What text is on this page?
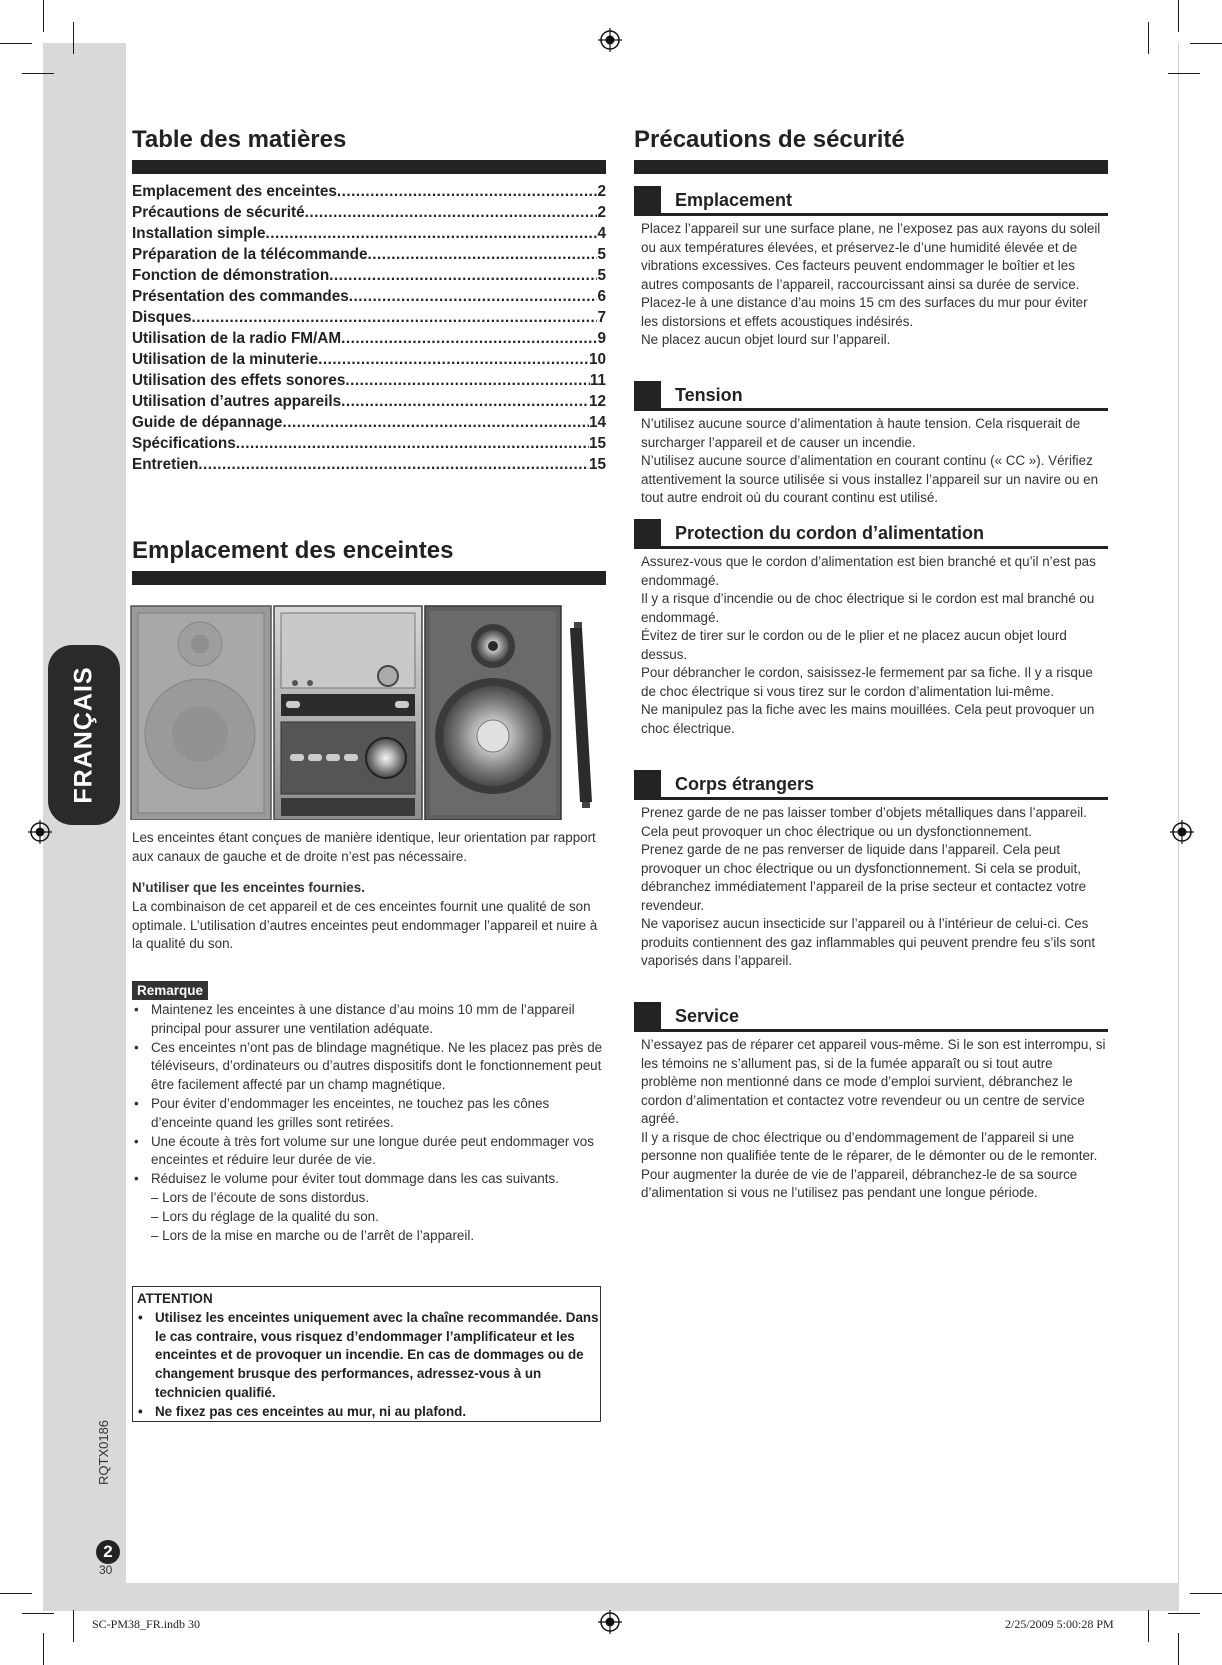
FRANÇAIS
RQTX0186
2
30
Table des matières
Emplacement des enceintes .....	2
Précautions de sécurité .....	2
Installation simple .....	4
Préparation de la télécommande .....	5
Fonction de démonstration .....	5
Présentation des commandes .....	6
Disques .....	7
Utilisation de la radio FM/AM .....	9
Utilisation de la minuterie .....	10
Utilisation des effets sonores .....	11
Utilisation d’autres appareils .....	12
Guide de dépannage .....	14
Spécifications .....	15
Entretien .....	15
Emplacement des enceintes

Les enceintes étant conçues de manière identique, leur orientation par rapport aux canaux de gauche et de droite n’est pas nécessaire.

N’utiliser que les enceintes fournies.

La combinaison de cet appareil et de ces enceintes fournit une qualité de son optimale. L’utilisation d’autres enceintes peut endommager l’appareil et nuire à la qualité du son.

Remarque
• Maintenez les enceintes à une distance d’au moins 10 mm de l’appareil principal pour assurer une ventilation adéquate.
• Ces enceintes n’ont pas de blindage magnétique. Ne les placez pas près de téléviseurs, d’ordinateurs ou d’autres dispositifs dont le fonctionnement peut être facilement affecté par un champ magnétique.
• Pour éviter d’endommager les enceintes, ne touchez pas les cônes d’enceinte quand les grilles sont retirées.
• Une écoute à très fort volume sur une longue durée peut endommager vos enceintes et réduire leur durée de vie.
• Réduisez le volume pour éviter tout dommage dans les cas suivants.
– Lors de l’écoute de sons distordus.
– Lors du réglage de la qualité du son.
– Lors de la mise en marche ou de l’arrêt de l’appareil.
ATTENTION
• Utilisez les enceintes uniquement avec la chaîne recommandée. Dans le cas contraire, vous risquez d’endommager l’amplificateur et les enceintes et de provoquer un incendie. En cas de dommages ou de changement brusque des performances, adressez-vous à un technicien qualifié.
• Ne fixez pas ces enceintes au mur, ni au plafond.
Précautions de sécurité
Emplacement

Placez l’appareil sur une surface plane, ne l’exposez pas aux rayons du soleil ou aux températures élevées, et préservez-le d’une humidité élevée et de vibrations excessives. Ces facteurs peuvent endommager le boîtier et les autres composants de l’appareil, raccourcissant ainsi sa durée de service.
Placez-le à une distance d’au moins 15 cm des surfaces du mur pour éviter les distorsions et effets acoustiques indésirés.
Ne placez aucun objet lourd sur l’appareil.

Tension

N’utilisez aucune source d’alimentation à haute tension. Cela risquerait de surcharger l’appareil et de causer un incendie.
N’utilisez aucune source d’alimentation en courant continu (« CC »). Vérifiez attentivement la source utilisée si vous installez l’appareil sur un navire ou en tout autre endroit où du courant continu est utilisé.

Protection du cordon d’alimentation

Assurez-vous que le cordon d’alimentation est bien branché et qu’il n’est pas endommagé.
Il y a risque d’incendie ou de choc électrique si le cordon est mal branché ou endommagé.
Évitez de tirer sur le cordon ou de le plier et ne placez aucun objet lourd dessus.
Pour débrancher le cordon, saisissez-le fermement par sa fiche. Il y a risque de choc électrique si vous tirez sur le cordon d’alimentation lui-même.
Ne manipulez pas la fiche avec les mains mouillées. Cela peut provoquer un choc électrique.

Corps étrangers

Prenez garde de ne pas laisser tomber d’objets métalliques dans l’appareil. Cela peut provoquer un choc électrique ou un dysfonctionnement.
Prenez garde de ne pas renverser de liquide dans l’appareil. Cela peut provoquer un choc électrique ou un dysfonctionnement. Si cela se produit, débranchez immédiatement l’appareil de la prise secteur et contactez votre revendeur.
Ne vaporisez aucun insecticide sur l’appareil ou à l’intérieur de celui-ci. Ces produits contiennent des gaz inflammables qui peuvent prendre feu s’ils sont vaporisés dans l’appareil.

Service

N’essayez pas de réparer cet appareil vous-même. Si le son est interrompu, si les témoins ne s’allument pas, si de la fumée apparaît ou si tout autre problème non mentionné dans ce mode d’emploi survient, débranchez le cordon d’alimentation et contactez votre revendeur ou un centre de service agréé.
Il y a risque de choc électrique ou d’endommagement de l’appareil si une personne non qualifiée tente de le réparer, de le démonter ou de le remonter.
Pour augmenter la durée de vie de l’appareil, débranchez-le de sa source d’alimentation si vous ne l’utilisez pas pendant une longue période.

SC-PM38_FR.indb 30	2/25/2009 5:00:28 PM
